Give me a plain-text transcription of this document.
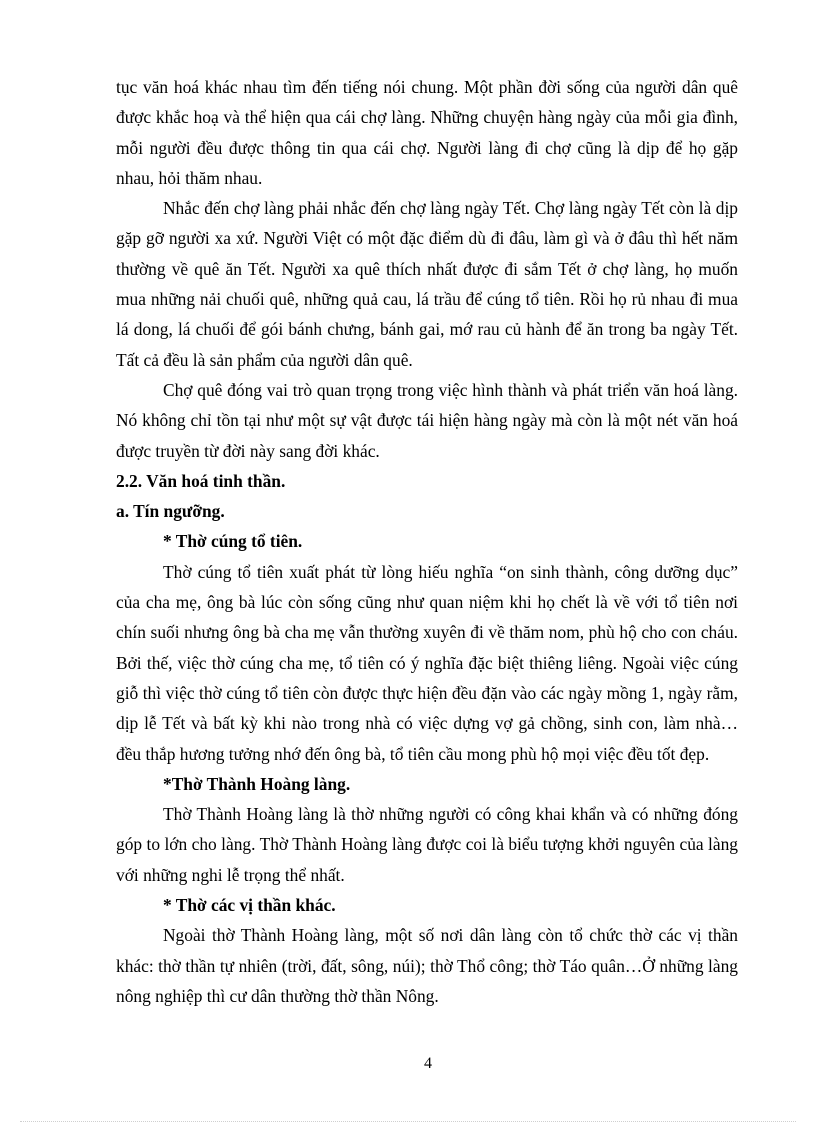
tục văn hoá khác nhau tìm đến tiếng nói chung. Một phần đời sống của người dân quê được khắc hoạ và thể hiện qua cái chợ làng. Những chuyện hàng ngày của mỗi gia đình, mỗi người đều được thông tin qua cái chợ. Người làng đi chợ cũng là dịp để họ gặp nhau, hỏi thăm nhau.

Nhắc đến chợ làng phải nhắc đến chợ làng ngày Tết. Chợ làng ngày Tết còn là dịp gặp gỡ người xa xứ. Người Việt có một đặc điểm dù đi đâu, làm gì và ở đâu thì hết năm thường về quê ăn Tết. Người xa quê thích nhất được đi sắm Tết ở chợ làng, họ muốn mua những nải chuối quê, những quả cau, lá trầu để cúng tổ tiên. Rồi họ rủ nhau đi mua lá dong, lá chuối để gói bánh chưng, bánh gai, mớ rau củ hành để ăn trong ba ngày Tết. Tất cả đều là sản phẩm của người dân quê.

Chợ quê đóng vai trò quan trọng trong việc hình thành và phát triển văn hoá làng. Nó không chỉ tồn tại như một sự vật được tái hiện hàng ngày mà còn là một nét văn hoá được truyền từ đời này sang đời khác.

2.2. Văn hoá tinh thần.

a. Tín ngưỡng.

* Thờ cúng tổ tiên.

Thờ cúng tổ tiên xuất phát từ lòng hiếu nghĩa “on sinh thành, công dưỡng dục” của cha mẹ, ông bà lúc còn sống cũng như quan niệm khi họ chết là về với tổ tiên nơi chín suối nhưng ông bà cha mẹ vẫn thường xuyên đi về thăm nom, phù hộ cho con cháu. Bởi thế, việc thờ cúng cha mẹ, tổ tiên có ý nghĩa đặc biệt thiêng liêng. Ngoài việc cúng giỗ thì việc thờ cúng tổ tiên còn được thực hiện đều đặn vào các ngày mồng 1, ngày rằm, dịp lễ Tết và bất kỳ khi nào trong nhà có việc dựng vợ gả chồng, sinh con, làm nhà… đều thắp hương tưởng nhớ đến ông bà, tổ tiên cầu mong phù hộ mọi việc đều tốt đẹp.

*Thờ Thành Hoàng làng.

Thờ Thành Hoàng làng là thờ những người có công khai khẩn và có những đóng góp to lớn cho làng. Thờ Thành Hoàng làng được coi là biểu tượng khởi nguyên của làng với những nghi lễ trọng thể nhất.

* Thờ các vị thần khác.

Ngoài thờ Thành Hoàng làng, một số nơi dân làng còn tổ chức thờ các vị thần khác: thờ thần tự nhiên (trời, đất, sông, núi); thờ Thổ công; thờ Táo quân…Ở những làng nông nghiệp thì cư dân thường thờ thần Nông.

4
